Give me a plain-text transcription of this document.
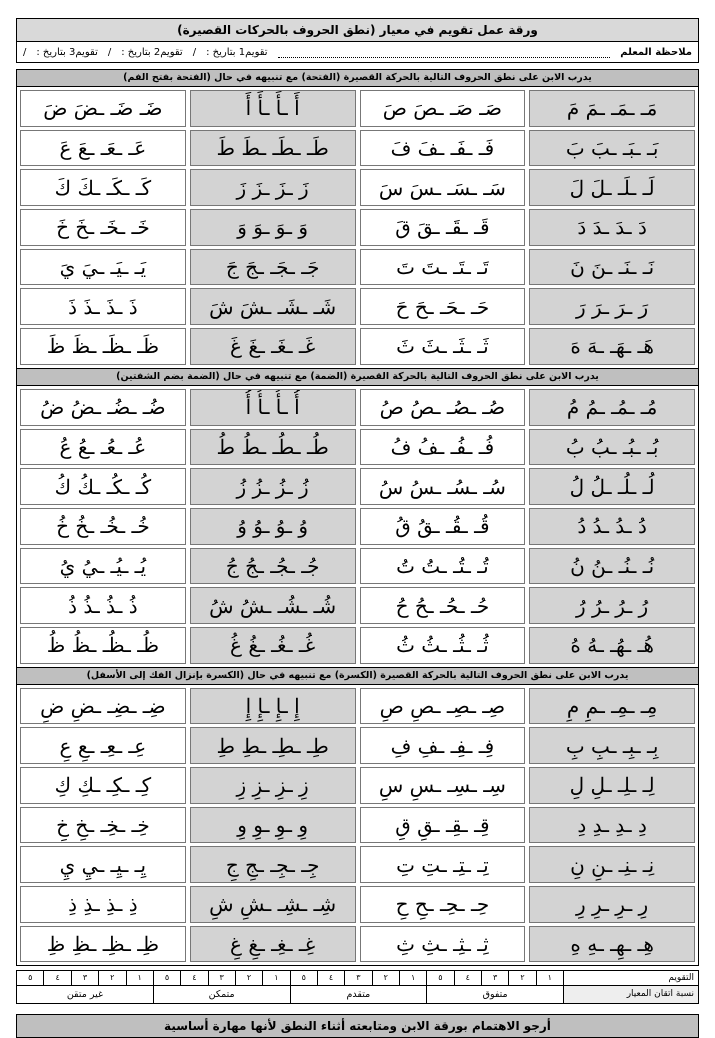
ورقة عمل تقويم في معيار (نطق الحروف بالحركات القصيرة)
ملاحظة المعلم
تقويم1 بتاريخ :
/
تقويم2 بتاريخ :
/
تقويم3 بتاريخ :
/
يدرب الابن على نطق الحروف التالية بالحركة القصيرة (الفتحة) مع تنبيهه في حال (الفتحة بفتح الفم)
مَـ ـمَـ ـمَ مَ
صَـ صَـ ـصَ صَ
أَ ـأَ ـأَ أَ
ضَـ ضَـ ـضَ ضَ
بَـ ـبَـ ـبَ بَ
فَـ ـفَـ ـفَ فَ
طَـ ـطَـ ـطَ طَ
عَـ ـعَـ ـعَ عَ
لَـ ـلَـ ـلَ لَ
سَـ ـسَـ ـسَ سَ
زَ ـزَ ـزَ زَ
كَـ ـكَـ ـكَ كَ
دَ ـدَ ـدَ دَ
قَـ ـقَـ ـقَ قَ
وَ ـوَ ـوَ وَ
خَـ ـخَـ ـخَ خَ
نَـ ـنَـ ـنَ نَ
تَـ ـتَـ ـتَ تَ
جَـ ـجَـ ـجَ جَ
يَـ ـيَـ ـيَ يَ
رَ ـرَ ـرَ رَ
حَـ ـحَـ ـحَ حَ
شَـ ـشَـ ـشَ شَ
ذَ ـذَ ـذَ ذَ
هَـ ـهَـ ـهَ هَ
ثَـ ـثَـ ـثَ ثَ
غَـ ـغَـ ـغَ غَ
ظَـ ـظَـ ـظَ ظَ
يدرب الابن على نطق الحروف التالية بالحركة القصيرة (الضمة) مع تنبيهه في حال (الضمة بضم الشفتين)
مُـ ـمُـ ـمُ مُ
صُـ ـصُـ ـصُ صُ
أُ ـأُ ـأُ أُ
ضُـ ـضُـ ـضُ ضُ
بُـ ـبُـ ـبُ بُ
فُـ ـفُـ ـفُ فُ
طُـ ـطُـ ـطُ طُ
عُـ ـعُـ ـعُ عُ
لُـ ـلُـ ـلُ لُ
سُـ ـسُـ ـسُ سُ
زُ ـزُ ـزُ زُ
كُـ ـكُـ ـكُ كُ
دُ ـدُ ـدُ دُ
قُـ ـقُـ ـقُ قُ
وُ ـوُ ـوُ وُ
خُـ ـخُـ ـخُ خُ
نُـ ـنُـ ـنُ نُ
تُـ ـتُـ ـتُ تُ
جُـ ـجُـ ـجُ جُ
يُـ ـيُـ ـيُ يُ
رُ ـرُ ـرُ رُ
حُـ ـحُـ ـحُ حُ
شُـ ـشُـ ـشُ شُ
ذُ ـذُ ـذُ ذُ
هُـ ـهُـ ـهُ هُ
ثُـ ـثُـ ـثُ ثُ
غُـ ـغُـ ـغُ غُ
ظُـ ـظُـ ـظُ ظُ
يدرب الابن على نطق الحروف التالية بالحركة القصيرة (الكسرة) مع تنبيهه في حال (الكسرة بإنزال الفك إلى الأسفل)
مِـ ـمِـ ـمِ مِ
صِـ ـصِـ ـصِ صِ
إِ ـإِ ـإِ إِ
ضِـ ـضِـ ـضِ ضِ
بِـ ـبِـ ـبِ بِ
فِـ ـفِـ ـفِ فِ
طِـ ـطِـ ـطِ طِ
عِـ ـعِـ ـعِ عِ
لِـ ـلِـ ـلِ لِ
سِـ ـسِـ ـسِ سِ
زِ ـزِ ـزِ زِ
كِـ ـكِـ ـكِ كِ
دِ ـدِ ـدِ دِ
قِـ ـقِـ ـقِ قِ
وِ ـوِ ـوِ وِ
خِـ ـخِـ ـخِ خِ
نِـ ـنِـ ـنِ نِ
تِـ ـتِـ ـتِ تِ
جِـ ـجِـ ـجِ جِ
يِـ ـيِـ ـيِ يِ
رِ ـرِ ـرِ رِ
حِـ ـحِـ ـحِ حِ
شِـ ـشِـ ـشِ شِ
ذِ ـذِ ـذِ ذِ
هِـ ـهِـ ـهِ هِ
ثِـ ـثِـ ـثِ ثِ
غِـ ـغِـ ـغِ غِ
ظِـ ـظِـ ـظِ ظِ
التقويم
١
٢
٣
٤
٥
١
٢
٣
٤
٥
١
٢
٣
٤
٥
١
٢
٣
٤
٥
نسبة اتقان المعيار
متفوق
متقدم
متمكن
غير متقن
أرجو الاهتمام بورقة الابن ومتابعته أثناء النطق لأنها مهارة أساسية
